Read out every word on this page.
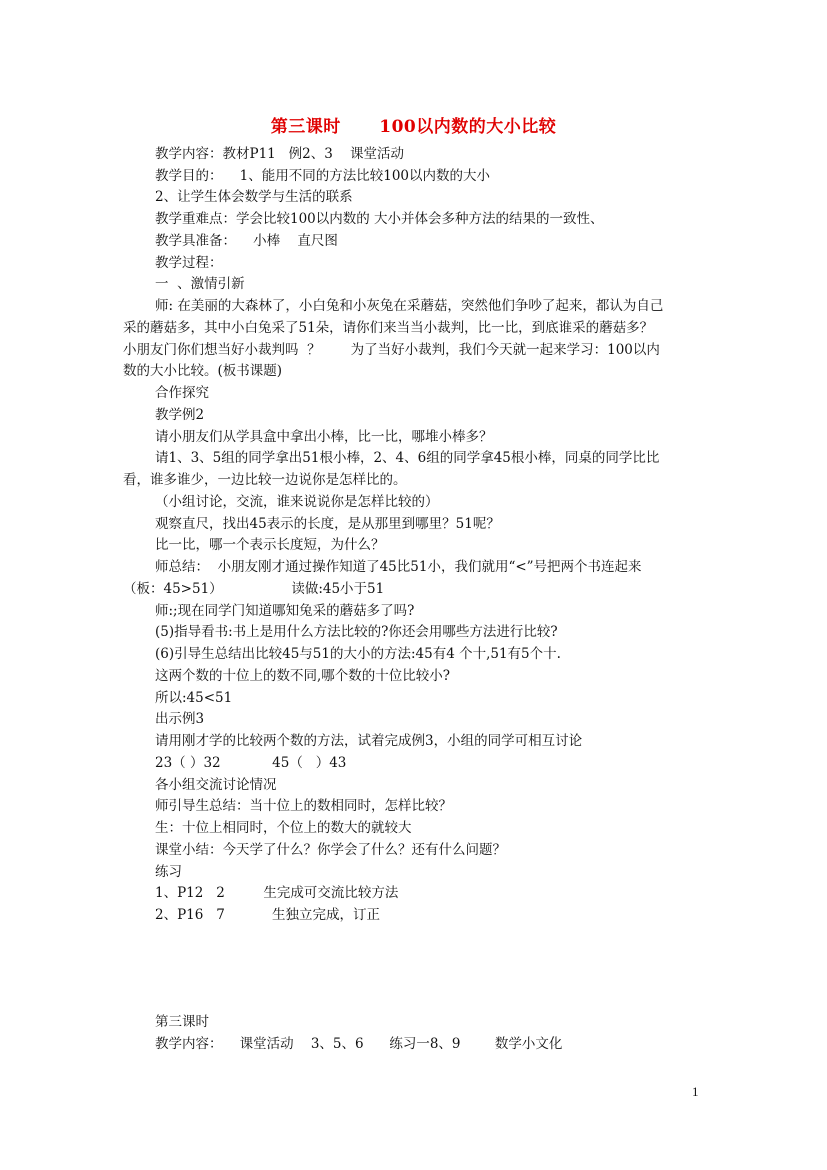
第三课时      100以内数的大小比较
教学内容：教材P11   例2、3    课堂活动
教学目的：    1、能用不同的方法比较100以内数的大小
2、让学生体会数学与生活的联系
教学重难点：学会比较100以内数的 大小并体会多种方法的结果的一致性、
教学具准备：    小棒    直尺图
教学过程：
一  、激情引新
师: 在美丽的大森林了，小白兔和小灰兔在采蘑菇，突然他们争吵了起来，都认为自己
采的蘑菇多，其中小白兔采了51朵，请你们来当当小裁判，比一比，到底谁采的蘑菇多？
小朋友门你们想当好小裁判吗  ？       为了当好小裁判，我们今天就一起来学习：100以内
数的大小比较。(板书课题)
合作探究
教学例2
请小朋友们从学具盒中拿出小棒，比一比，哪堆小棒多？
请1、3、5组的同学拿出51根小棒，2、4、6组的同学拿45根小棒，同桌的同学比比
看，谁多谁少，一边比较一边说你是怎样比的。
（小组讨论，交流，谁来说说你是怎样比较的）
观察直尺，找出45表示的长度，是从那里到哪里？51呢？
比一比，哪一个表示长度短，为什么？
师总结：  小朋友刚才通过操作知道了45比51小，我们就用“<”号把两个书连起来
（板：45>51）                读做:45小于51
师:;现在同学门知道哪知兔采的蘑菇多了吗?
(5)指导看书:书上是用什么方法比较的?你还会用哪些方法进行比较?
(6)引导生总结出比较45与51的大小的方法:45有4 个十,51有5个十.
这两个数的十位上的数不同,哪个数的十位比较小?
所以:45<51
出示例3
请用刚才学的比较两个数的方法，试着完成例3，小组的同学可相互讨论
23（ ）32            45（   ）43
各小组交流讨论情况
师引导生总结：当十位上的数相同时，怎样比较？
生：十位上相同时，个位上的数大的就较大
课堂小结：今天学了什么？你学会了什么？还有什么问题？
练习
1、P12   2         生完成可交流比较方法
2、P16   7           生独立完成，订正
第三课时
教学内容：    课堂活动    3、5、6      练习一8、9        数学小文化
1
